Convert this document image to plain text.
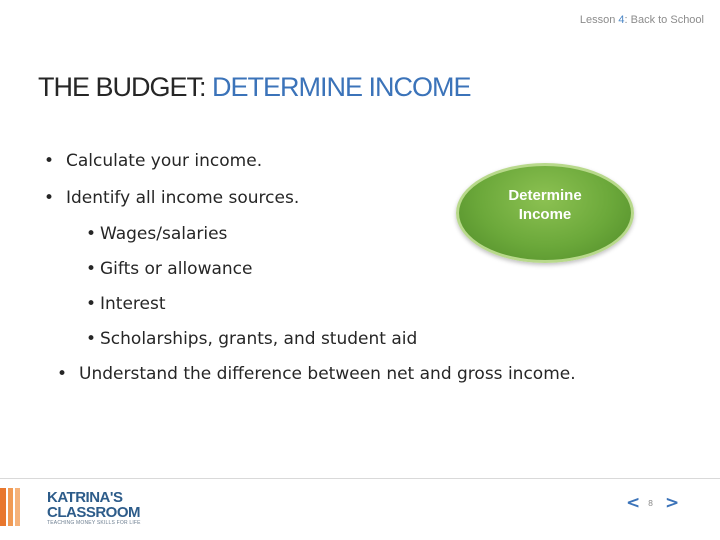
Lesson 4: Back to School
THE BUDGET: DETERMINE INCOME
• Calculate your income.
• Identify all income sources.
• Wages/salaries
• Gifts or allowance
• Interest
• Scholarships, grants, and student aid
• Understand the difference between net and gross income.
Determine
Income
KATRINA'S
CLASSROOM
TEACHING MONEY SKILLS FOR LIFE
< 8 >
